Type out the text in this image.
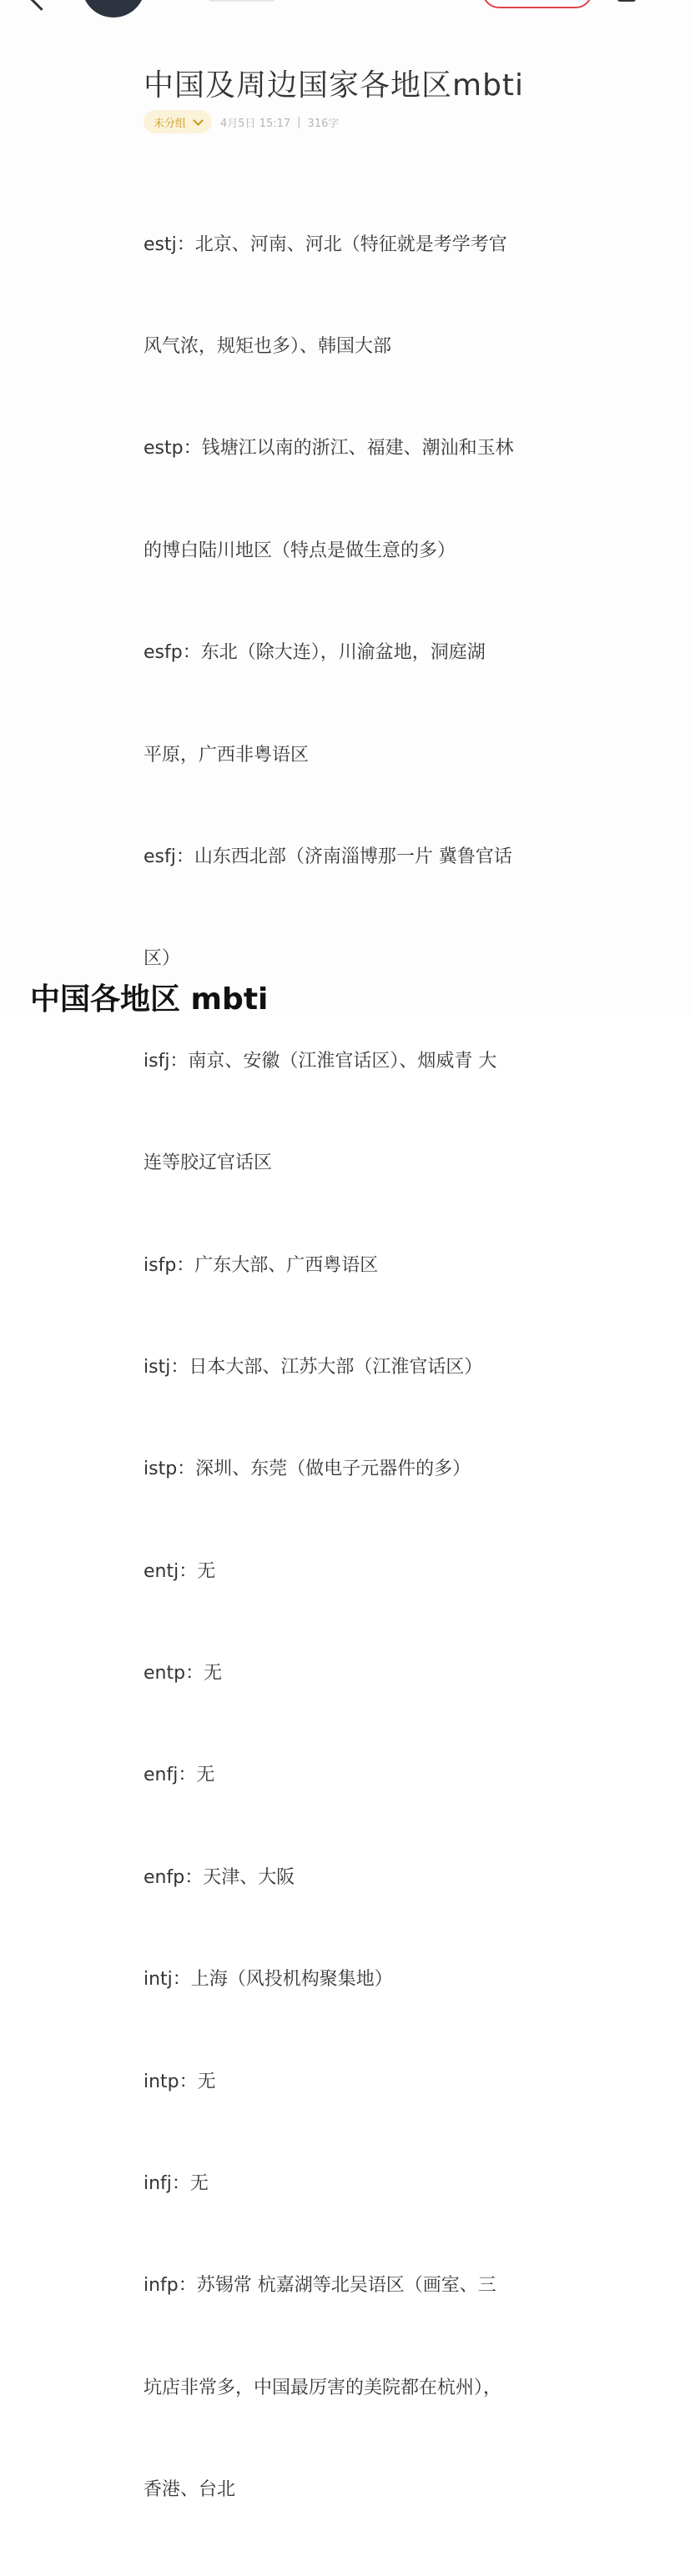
中国及周边国家各地区mbti
未分组	4月5日 15:17 | 316字

estj：北京、河南、河北（特征就是考学考官

风气浓，规矩也多）、韩国大部

estp：钱塘江以南的浙江、福建、潮汕和玉林

的博白陆川地区（特点是做生意的多）

esfp：东北（除大连），川渝盆地，洞庭湖

平原，广西非粤语区

esfj：山东西北部（济南淄博那一片 冀鲁官话

区）

isfj：南京、安徽（江淮官话区）、烟威青 大

连等胶辽官话区

isfp：广东大部、广西粤语区

istj：日本大部、江苏大部（江淮官话区）

istp：深圳、东莞（做电子元器件的多）

entj：无

entp：无

enfj：无

enfp：天津、大阪

intj：上海（风投机构聚集地）

intp：无

infj：无

infp：苏锡常 杭嘉湖等北吴语区（画室、三

坑店非常多，中国最厉害的美院都在杭州），

香港、台北

中国各地区 mbti
